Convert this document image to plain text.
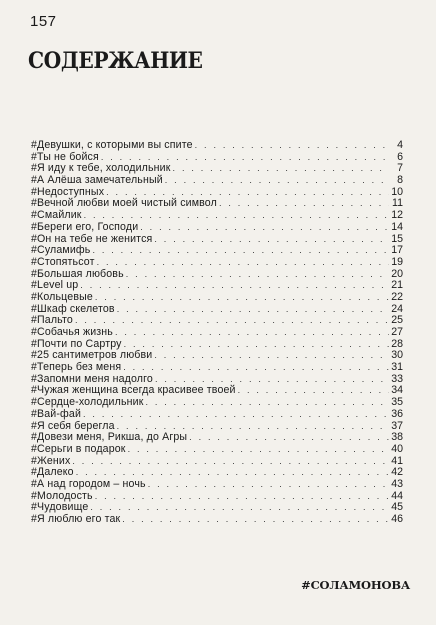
157
СОДЕРЖАНИЕ
#Девушки, с которыми вы спите . . .	4
#Ты не бойся . . .	6
#Я иду к тебе, холодильник . . .	7
#А Алёша замечательный . . .	8
#Недоступных . . .	10
#Вечной любви моей чистый символ . . .	11
#Смайлик . . .	12
#Береги его, Господи . . .	14
#Он на тебе не женится . . .	15
#Суламифь . . .	17
#Стопятьсот . . .	19
#Большая любовь . . .	20
#Level up . . .	21
#Кольцевые . . .	22
#Шкаф скелетов . . .	24
#Пальто . . .	25
#Собачья жизнь . . .	27
#Почти по Сартру . . .	28
#25 сантиметров любви . . .	30
#Теперь без меня . . .	31
#Запомни меня надолго . . .	33
#Чужая женщина всегда красивее твоей . . .	34
#Сердце-холодильник . . .	35
#Вай-фай . . .	36
#Я себя берегла . . .	37
#Довези меня, Рикша, до Агры . . .	38
#Серьги в подарок . . .	40
#Жених . . .	41
#Далеко . . .	42
#А над городом – ночь . . .	43
#Молодость . . .	44
#Чудовище . . .	45
#Я люблю его так . . .	46
#СОЛАМОНОВА
